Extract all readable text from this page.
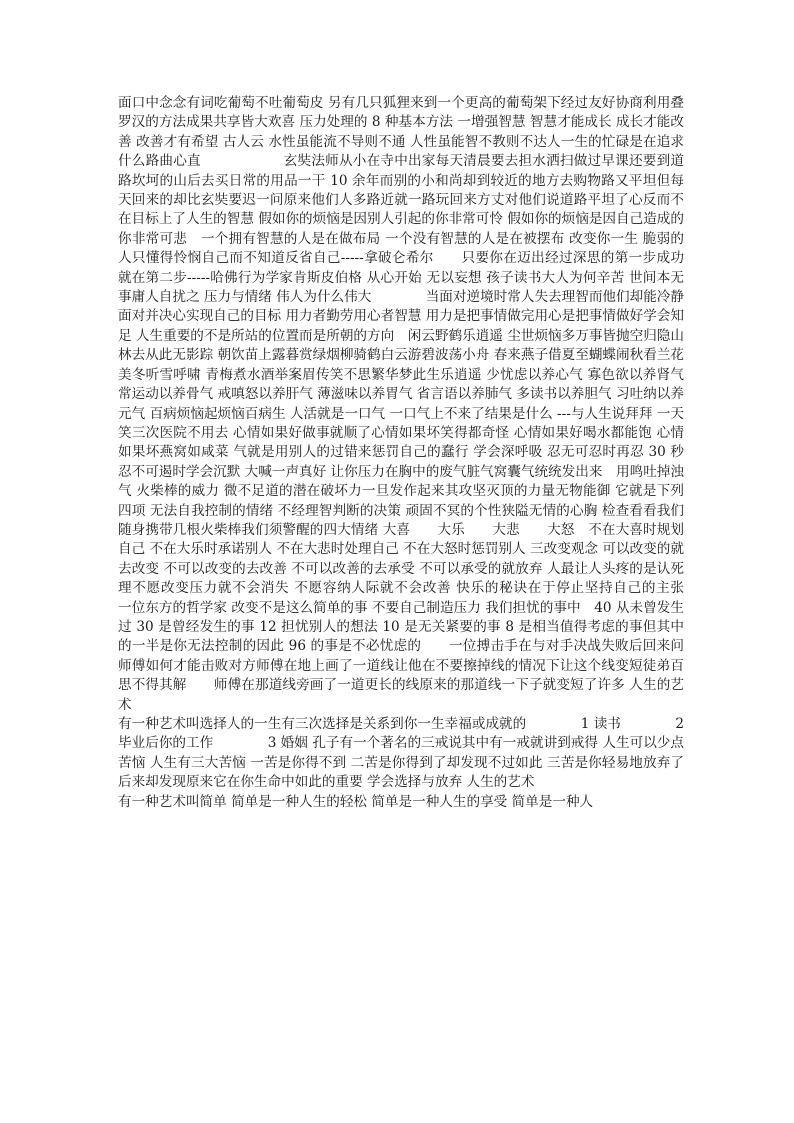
面口中念念有词吃葡萄不吐葡萄皮 另有几只狐狸来到一个更高的葡萄架下经过友好协商利用叠罗汉的方法成果共享皆大欢喜 压力处理的 8 种基本方法 一增强智慧 智慧才能成长 成长才能改善 改善才有希望 古人云 水性虽能流不导则不通 人性虽能智不教则不达人一生的忙碌是在追求什么路曲心直　　　　　　玄奘法师从小在寺中出家每天清晨要去担水洒扫做过早课还要到道路坎坷的山后去买日常的用品一干 10 余年而别的小和尚却到较近的地方去购物路又平坦但每天回来的却比玄奘要迟一问原来他们人多路近就一路玩回来方丈对他们说道路平坦了心反而不在目标上了人生的智慧 假如你的烦恼是因别人引起的你非常可怜 假如你的烦恼是因自己造成的 你非常可悲　一个拥有智慧的人是在做布局 一个没有智慧的人是在被摆布 改变你一生 脆弱的人只懂得怜悯自己而不知道反省自己-----拿破仑希尔　　只要你在迈出经过深思的第一步成功就在第二步-----哈佛行为学家肯斯皮伯格 从心开始 无以妄想 孩子读书大人为何辛苦 世间本无事庸人自扰之 压力与情绪 伟人为什么伟大　　　　当面对逆境时常人失去理智而他们却能冷静面对并决心实现自己的目标 用力者勤劳用心者智慧 用力是把事情做完用心是把事情做好学会知足 人生重要的不是所站的位置而是所朝的方向　闲云野鹤乐逍遥 尘世烦恼多万事皆抛空归隐山林去从此无影踪 朝饮苗上露暮赏绿烟柳骑鹤白云游碧波荡小舟 春来燕子借夏至蝴蝶闹秋看兰花美冬听雪呼啸 青梅煮水酒举案眉传笑不思繁华梦此生乐逍遥 少忧虑以养心气 寡色欲以养肾气 常运动以养骨气 戒嗔怒以养肝气 薄滋味以养胃气 省言语以养肺气 多读书以养胆气 习吐纳以养元气 百病烦恼起烦恼百病生 人活就是一口气 一口气上不来了结果是什么 ---与人生说拜拜 一天笑三次医院不用去 心情如果好做事就顺了心情如果坏笑得都奇怪 心情如果好喝水都能饱 心情如果坏燕窝如咸菜 气就是用别人的过错来惩罚自己的蠢行 学会深呼吸 忍无可忍时再忍 30 秒 忍不可遏时学会沉默 大喊一声真好 让你压力在胸中的废气脏气窝囊气统统发出来　用鸣吐掉浊气 火柴棒的威力 微不足道的潜在破坏力一旦发作起来其攻坚灭顶的力量无物能御 它就是下列四项 无法自我控制的情绪 不经理智判断的决策 顽固不冥的个性狭隘无情的心胸 检查看看我们随身携带几根火柴棒我们须警醒的四大情绪 大喜　　大乐　　大悲　　大怒　不在大喜时规划自己 不在大乐时承诺别人 不在大悲时处理自己 不在大怒时惩罚别人 三改变观念 可以改变的就去改变 不可以改变的去改善 不可以改善的去承受 不可以承受的就放弃 人最让人头疼的是认死理不愿改变压力就不会消失 不愿容纳人际就不会改善 快乐的秘诀在于停止坚持自己的主张　　　　一位东方的哲学家 改变不是这么简单的事 不要自己制造压力 我们担忧的事中　40 从未曾发生过 30 是曾经发生的事 12 担忧别人的想法 10 是无关紧要的事 8 是相当值得考虑的事但其中的一半是你无法控制的因此 96 的事是不必忧虑的　　一位搏击手在与对手决战失败后回来问师傅如何才能击败对方师傅在地上画了一道线让他在不要擦掉线的情况下让这个线变短徒弟百思不得其解　　师傅在那道线旁画了一道更长的线原来的那道线一下子就变短了许多 人生的艺术

有一种艺术叫选择人的一生有三次选择是关系到你一生幸福或成就的　　　　1 读书　　　　2 毕业后你的工作　　　　3 婚姻 孔子有一个著名的三戒说其中有一戒就讲到戒得 人生可以少点苦恼 人生有三大苦恼 一苦是你得不到 二苦是你得到了却发现不过如此 三苦是你轻易地放弃了后来却发现原来它在你生命中如此的重要 学会选择与放弃 人生的艺术

有一种艺术叫简单 简单是一种人生的轻松 简单是一种人生的享受 简单是一种人
